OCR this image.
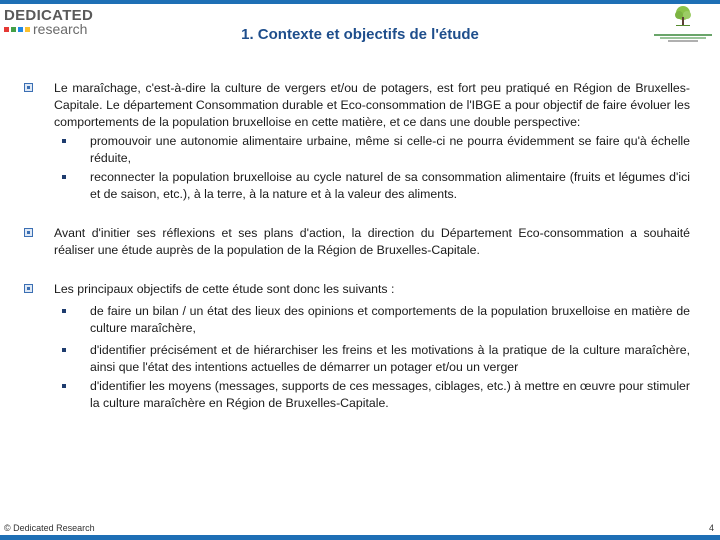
DEDICATED
research	1. Contexte et objectifs de l'étude
Le maraîchage, c'est-à-dire la culture de vergers et/ou de potagers, est fort peu pratiqué en Région de Bruxelles-Capitale. Le département Consommation durable et Eco-consommation de l'IBGE a pour objectif de faire évoluer les comportements de la population bruxelloise en cette matière, et ce dans une double perspective:
promouvoir une autonomie alimentaire urbaine, même si celle-ci ne pourra évidemment se faire qu'à échelle réduite,
reconnecter la population bruxelloise au cycle naturel de sa consommation alimentaire (fruits et légumes d'ici et de saison, etc.), à la terre, à la nature et à la valeur des aliments.
Avant d'initier ses réflexions et ses plans d'action, la direction du Département Eco-consommation a souhaité réaliser une étude auprès de la population de la Région de Bruxelles-Capitale.
Les principaux objectifs de cette étude sont donc les suivants :
de faire un bilan / un état des lieux des opinions et comportements de la population bruxelloise en matière de culture maraîchère,
d'identifier précisément et de hiérarchiser les freins et les motivations à la pratique de la culture maraîchère, ainsi que l'état des intentions actuelles de démarrer un potager et/ou un verger
d'identifier les moyens (messages, supports de ces messages, ciblages, etc.) à mettre en œuvre pour stimuler la culture maraîchère en Région de Bruxelles-Capitale.
© Dedicated Research	4
